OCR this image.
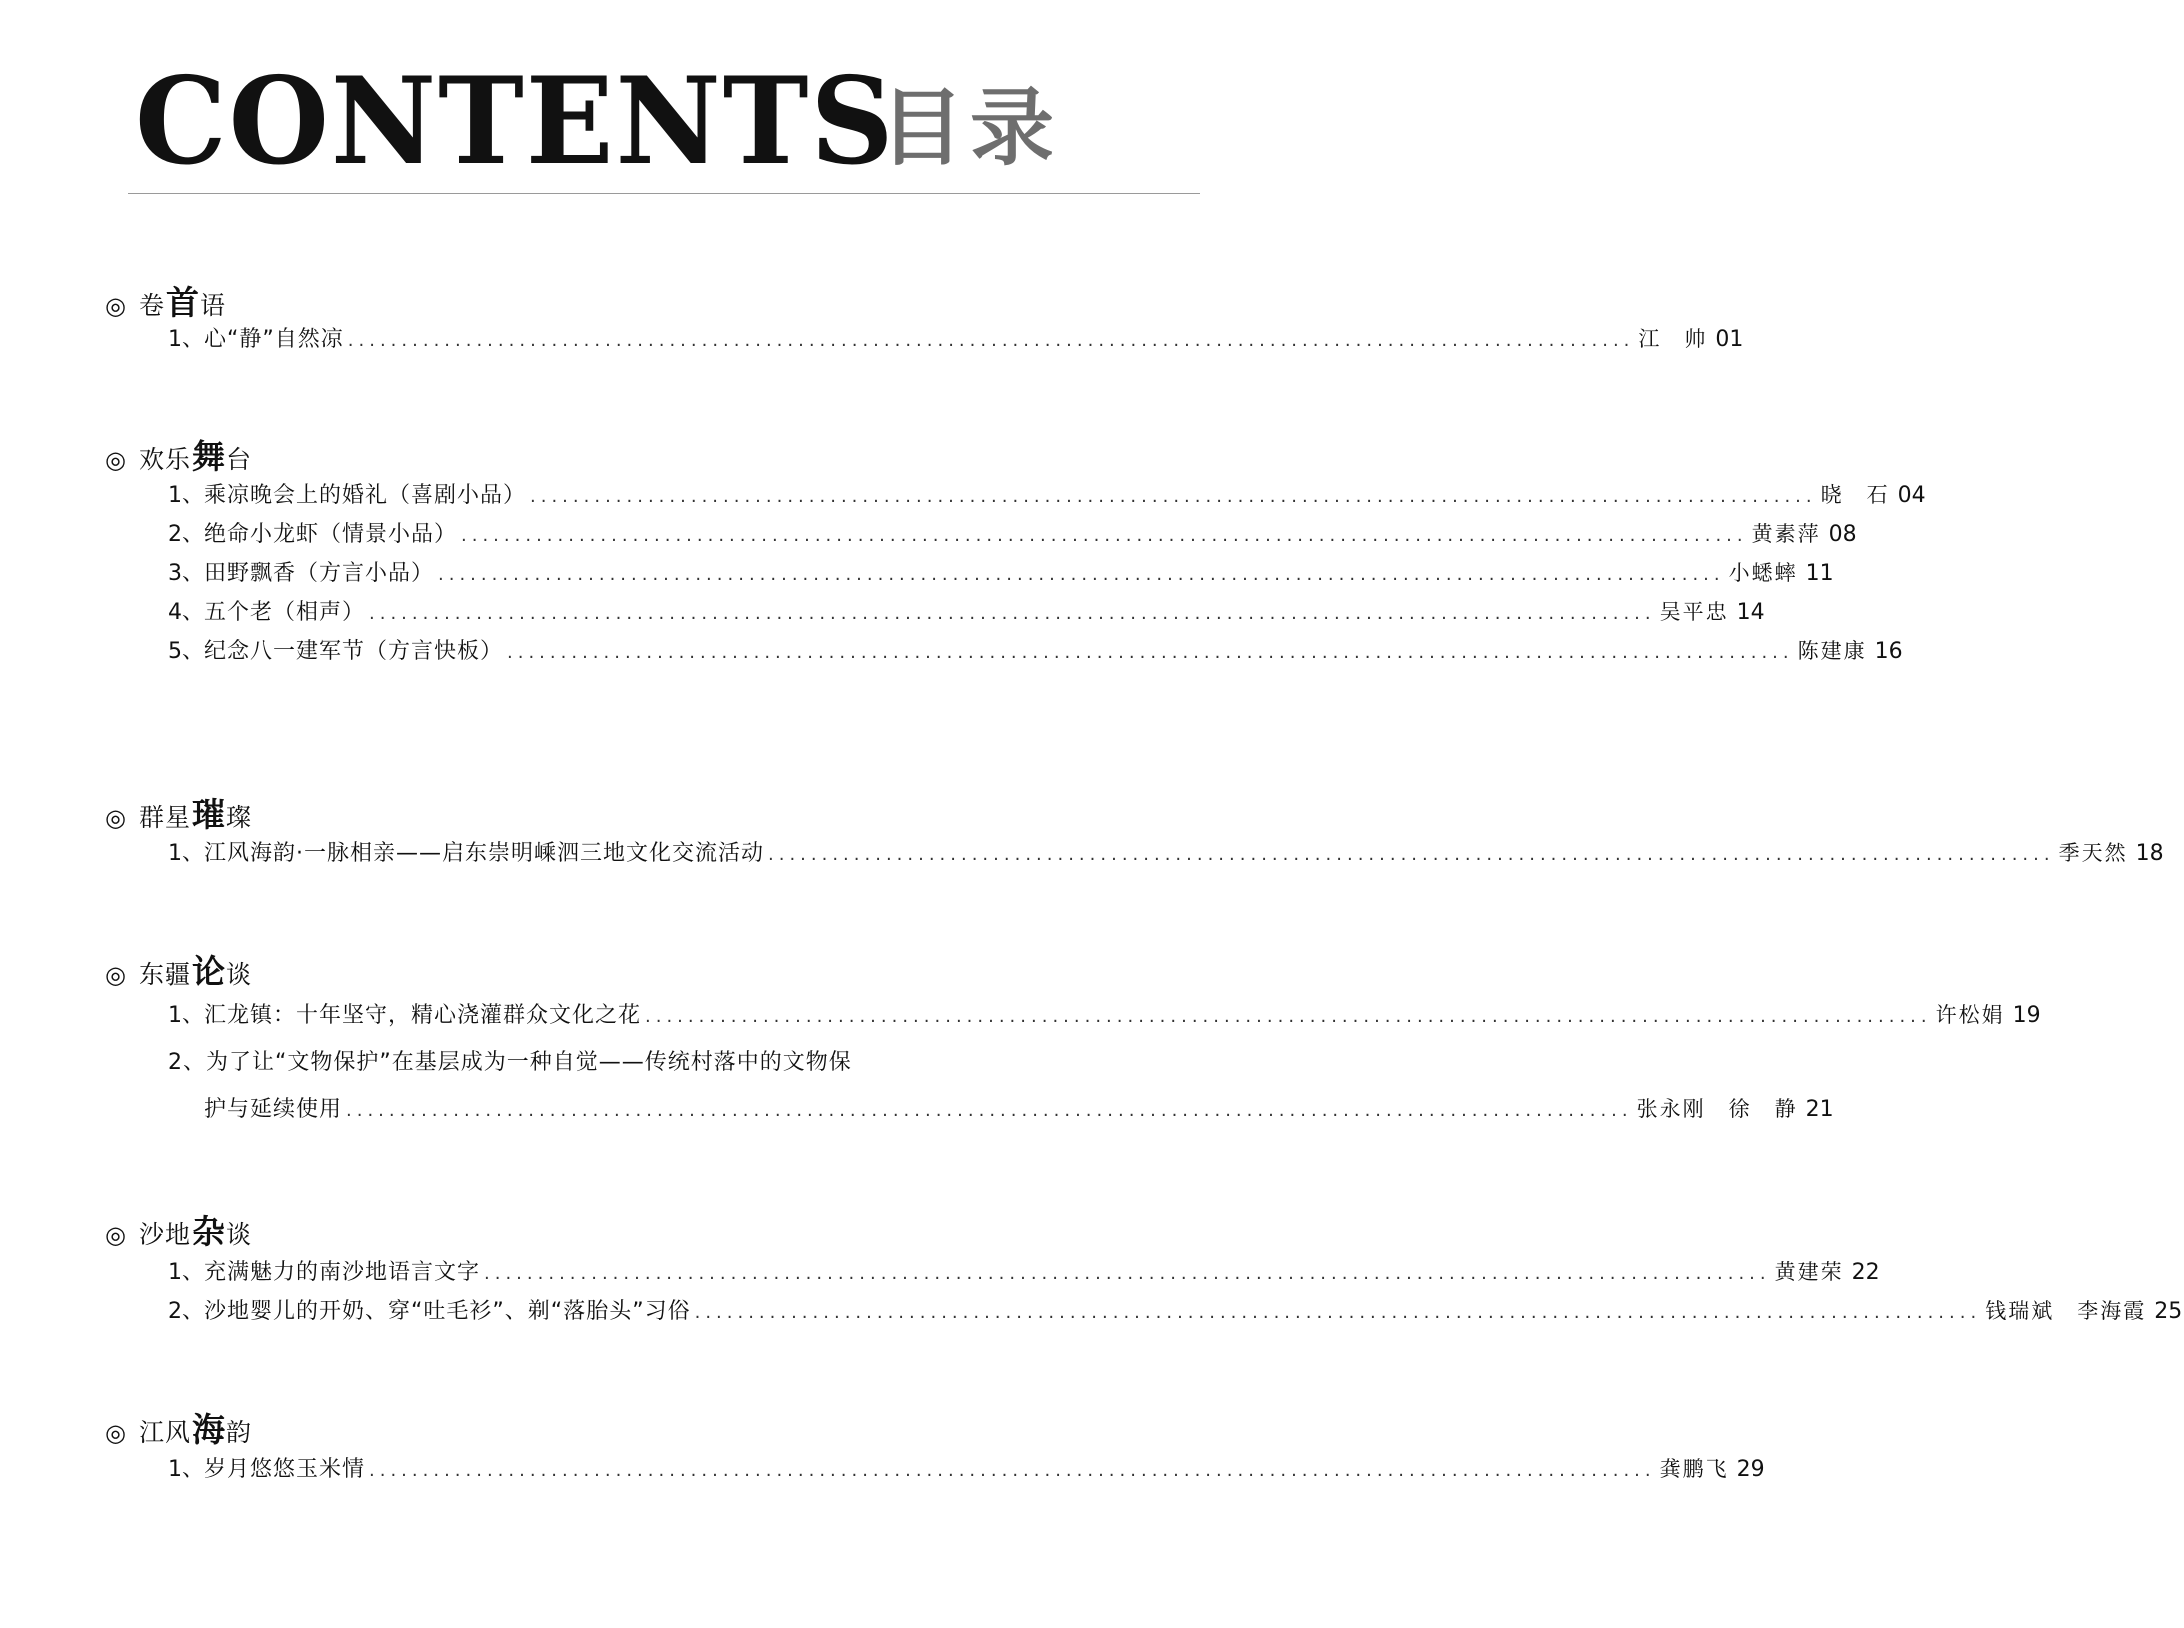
CONTENTS
目录
◎ 卷首语
1、 心“静”自然凉 ........................................................................................................................ 江　帅 01
◎ 欢乐舞台
1、 乘凉晚会上的婚礼（喜剧小品） ........................................................................................................................ 晓　石 04
2、 绝命小龙虾（情景小品） ........................................................................................................................ 黄素萍 08
3、 田野飘香（方言小品） ........................................................................................................................ 小蟋蟀 11
4、 五个老（相声） ........................................................................................................................ 吴平忠 14
5、 纪念八一建军节（方言快板） ........................................................................................................................ 陈建康 16
◎ 群星璀璨
1、 江风海韵·一脉相亲——启东崇明嵊泗三地文化交流活动 ........................................................................................................................ 季天然 18
◎ 东疆论谈
1、 汇龙镇：十年坚守，精心浇灌群众文化之花 ........................................................................................................................ 许松娟 19
2、为了让“文物保护”在基层成为一种自觉——传统村落中的文物保
护与延续使用 ........................................................................................................................ 张永刚　徐　静 21
◎ 沙地杂谈
1、 充满魅力的南沙地语言文字 ........................................................................................................................ 黄建荣 22
2、 沙地婴儿的开奶、穿“吐毛衫”、剃“落胎头”习俗 ........................................................................................................................ 钱瑞斌　李海霞 25
◎ 江风海韵
1、 岁月悠悠玉米情 ........................................................................................................................ 龚鹏飞 29
